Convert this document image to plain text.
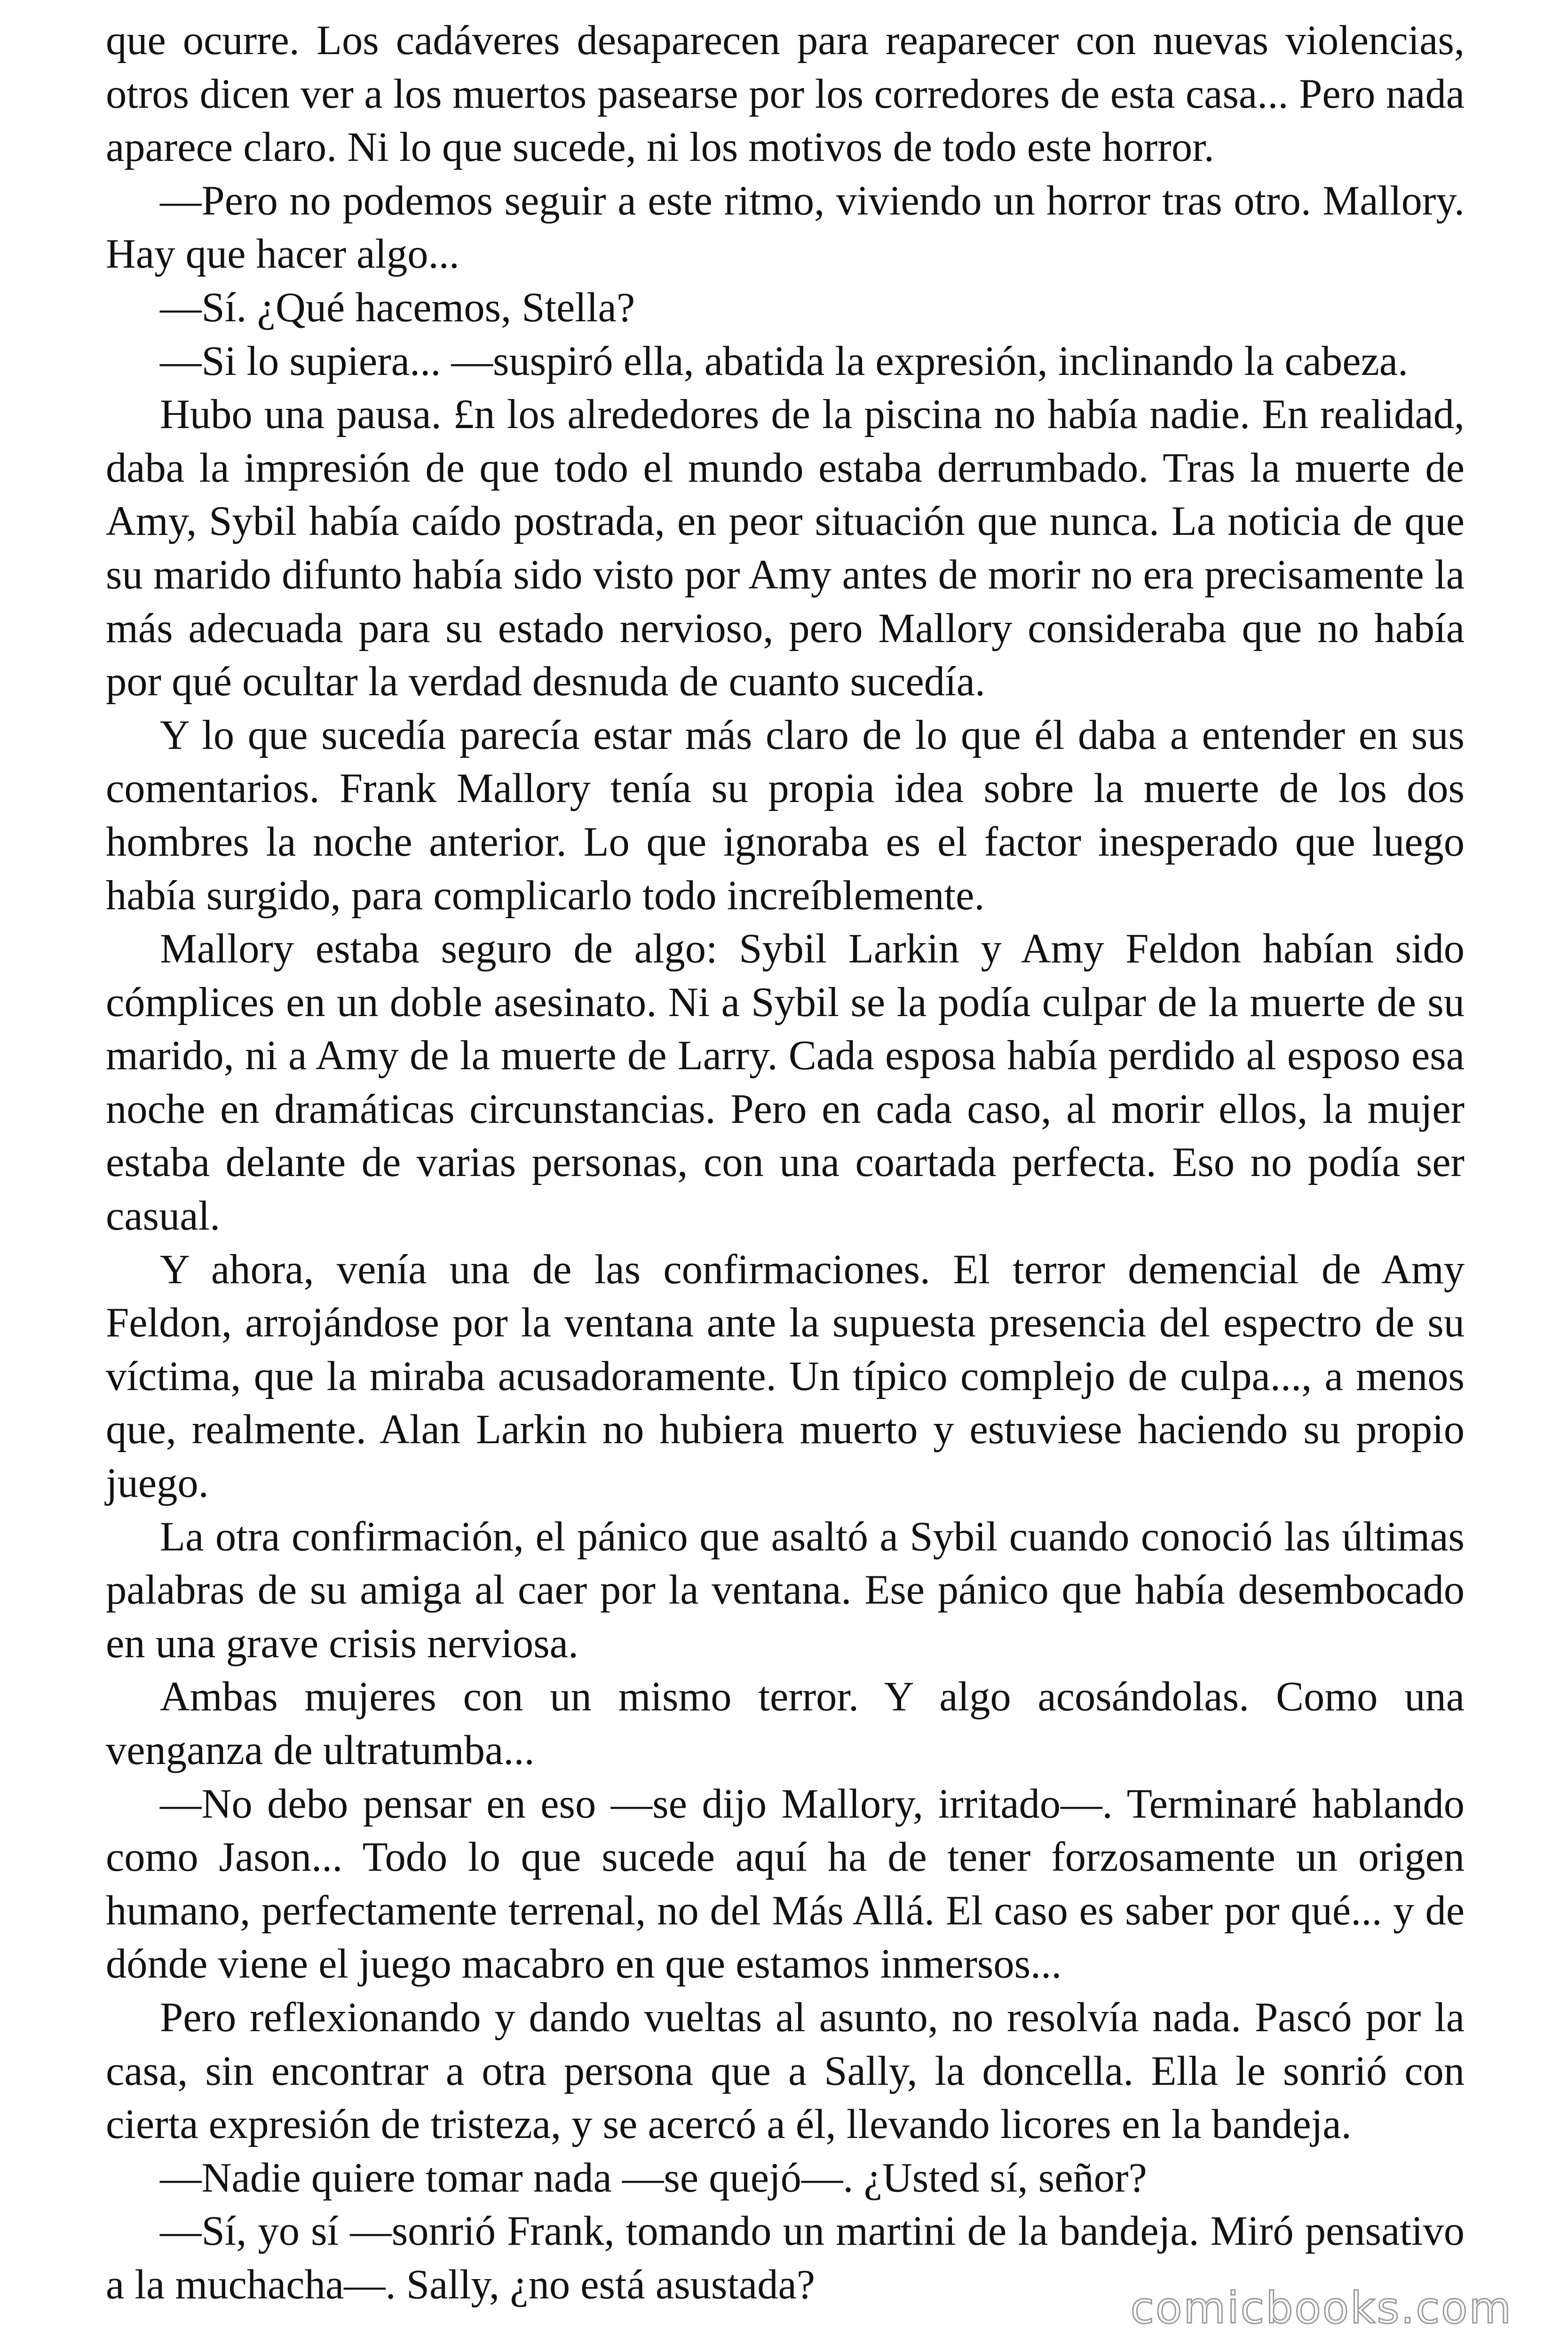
que ocurre. Los cadáveres desaparecen para reaparecer con nuevas violencias, otros dicen ver a los muertos pasearse por los corredores de esta casa... Pero nada aparece claro. Ni lo que sucede, ni los motivos de todo este horror.

—Pero no podemos seguir a este ritmo, viviendo un horror tras otro. Mallory. Hay que hacer algo...

—Sí. ¿Qué hacemos, Stella?

—Si lo supiera... —suspiró ella, abatida la expresión, inclinando la cabeza.

Hubo una pausa. £n los alrededores de la piscina no había nadie. En realidad, daba la impresión de que todo el mundo estaba derrumbado. Tras la muerte de Amy, Sybil había caído postrada, en peor situación que nunca. La noticia de que su marido difunto había sido visto por Amy antes de morir no era precisamente la más adecuada para su estado nervioso, pero Mallory consideraba que no había por qué ocultar la verdad desnuda de cuanto sucedía.

Y lo que sucedía parecía estar más claro de lo que él daba a entender en sus comentarios. Frank Mallory tenía su propia idea sobre la muerte de los dos hombres la noche anterior. Lo que ignoraba es el factor inesperado que luego había surgido, para complicarlo todo increíblemente.

Mallory estaba seguro de algo: Sybil Larkin y Amy Feldon habían sido cómplices en un doble asesinato. Ni a Sybil se la podía culpar de la muerte de su marido, ni a Amy de la muerte de Larry. Cada esposa había perdido al esposo esa noche en dramáticas circunstancias. Pero en cada caso, al morir ellos, la mujer estaba delante de varias personas, con una coartada perfecta. Eso no podía ser casual.

Y ahora, venía una de las confirmaciones. El terror demencial de Amy Feldon, arrojándose por la ventana ante la supuesta presencia del espectro de su víctima, que la miraba acusadoramente. Un típico complejo de culpa..., a menos que, realmente. Alan Larkin no hubiera muerto y estuviese haciendo su propio juego.

La otra confirmación, el pánico que asaltó a Sybil cuando conoció las últimas palabras de su amiga al caer por la ventana. Ese pánico que había desembocado en una grave crisis nerviosa.

Ambas mujeres con un mismo terror. Y algo acosándolas. Como una venganza de ultratumba...

—No debo pensar en eso —se dijo Mallory, irritado—. Terminaré hablando como Jason... Todo lo que sucede aquí ha de tener forzosamente un origen humano, perfectamente terrenal, no del Más Allá. El caso es saber por qué... y de dónde viene el juego macabro en que estamos inmersos...

Pero reflexionando y dando vueltas al asunto, no resolvía nada. Pascó por la casa, sin encontrar a otra persona que a Sally, la doncella. Ella le sonrió con cierta expresión de tristeza, y se acercó a él, llevando licores en la bandeja.

—Nadie quiere tomar nada —se quejó—. ¿Usted sí, señor?

—Sí, yo sí —sonrió Frank, tomando un martini de la bandeja. Miró pensativo a la muchacha—. Sally, ¿no está asustada?	comicbooks.com
